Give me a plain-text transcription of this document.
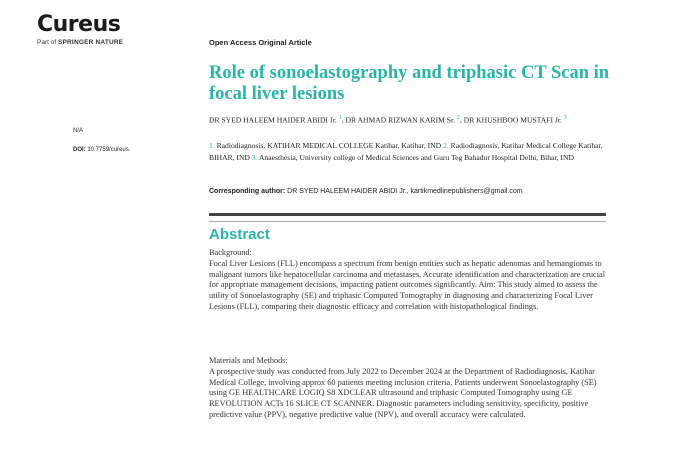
Cureus
Part of SPRINGER NATURE	Open Access Original Article
Role of sonoelastography and triphasic CT Scan in focal liver lesions
DR SYED HALEEM HAIDER ABIDI Jr. $^1$, DR AHMAD RIZWAN KARIM Sr. $^2$, DR KHUSHBOO MUSTAFI Jr. $^3$
N/A
DOI: 10.7759/cureus.	1. Radiodiagnosis, KATIHAR MEDICAL COLLEGE Katihar, Katihar, IND 2. Radiodiagnosis, Katihar Medical College Katihar, BIHAR, IND 3. Anaesthesia, University college of Medical Sciences and Guru Teg Bahadur Hospital Delhi, Bihar, IND
Corresponding author: DR SYED HALEEM HAIDER ABIDI Jr., kartikmedlinepublishers@gmail.com
Abstract
Background:
Focal Liver Lesions (FLL) encompass a spectrum from benign entities such as hepatic adenomas and hemangiomas to malignant tumors like hepatocellular carcinoma and metastases. Accurate identification and characterization are crucial for appropriate management decisions, impacting patient outcomes significantly. Aim: This study aimed to assess the utility of Sonoelastography (SE) and triphasic Computed Tomography in diagnosing and characterizing Focal Liver Lesions (FLL), comparing their diagnostic efficacy and correlation with histopathological findings.
Materials and Methods:
A prospective study was conducted from July 2022 to December 2024 at the Department of Radiodiagnosis, Katihar Medical College, involving approx 60 patients meeting inclusion criteria. Patients underwent Sonoelastography (SE) using GE HEALTHCARE LOGIQ S8 XDCLEAR ultrasound and triphasic Computed Tomography using GE REVOLUTION ACTs 16 SLICE CT SCANNER. Diagnostic parameters including sensitivity, specificity, positive predictive value (PPV), negative predictive value (NPV), and overall accuracy were calculated.
